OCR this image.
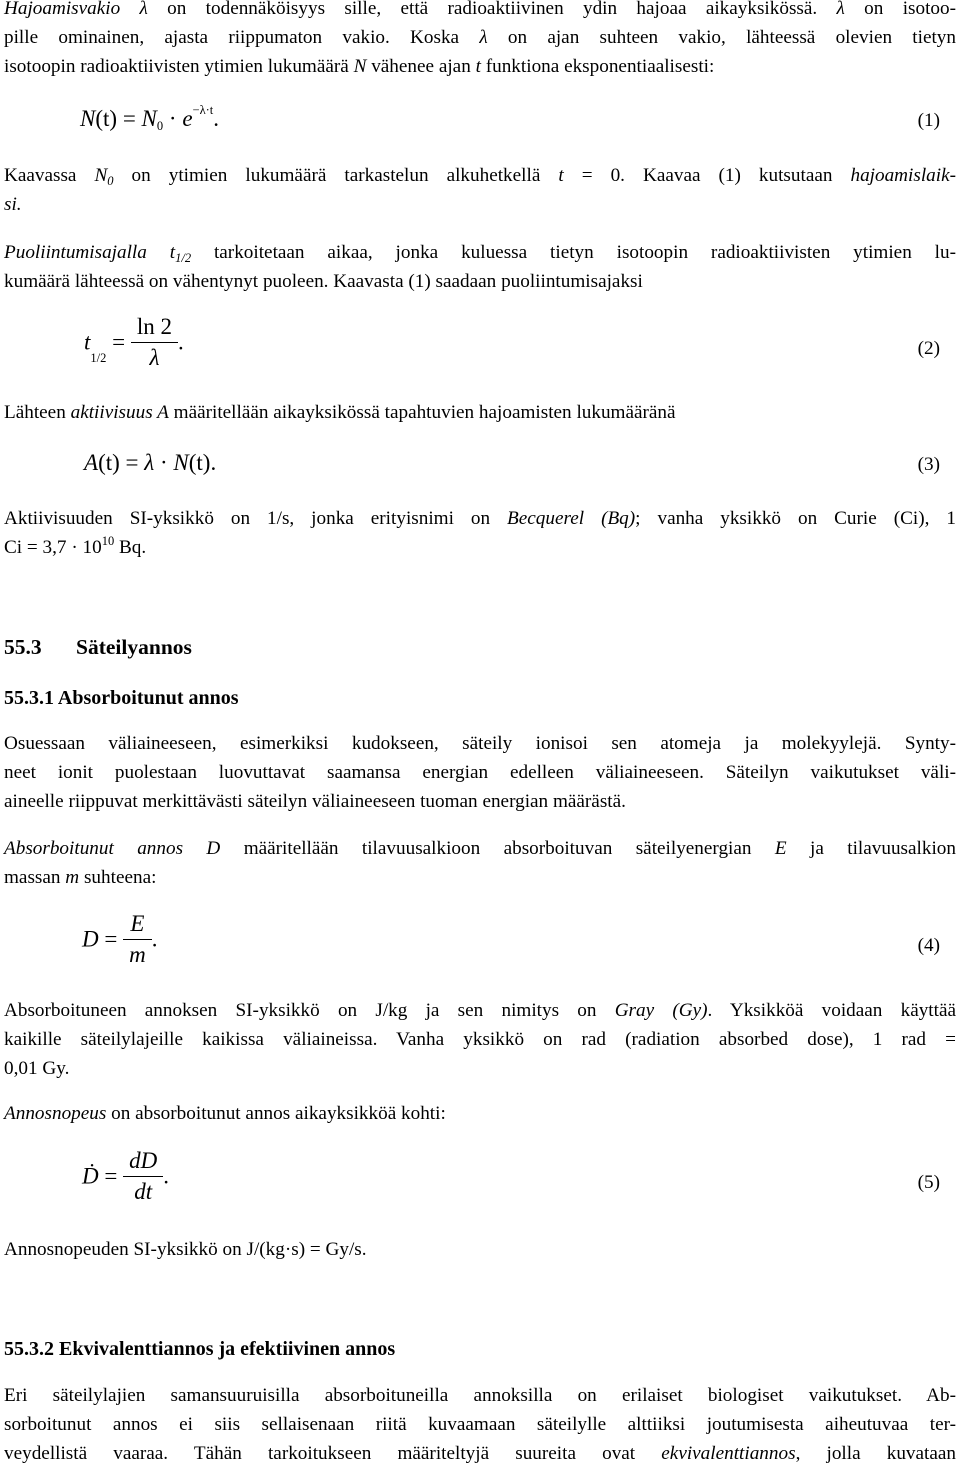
Hajoamisvakio λ on todennäköisyys sille, että radioaktiivinen ydin hajoaa aikayksikössä. λ on isotoo-
pille ominainen, ajasta riippumaton vakio. Koska λ on ajan suhteen vakio, lähteessä olevien tietyn
isotoopin radioaktiivisten ytimien lukumäärä N vähenee ajan t funktiona eksponentiaalisesti:
$N(t) = N_0 \cdot e^{-\lambda\cdot t}$.	(1)
Kaavassa $N_0$ on ytimien lukumäärä tarkastelun alkuhetkellä t = 0. Kaavaa (1) kutsutaan hajoamislaik-
si.
Puoliintumisajalla $t_{1/2}$ tarkoitetaan aikaa, jonka kuluessa tietyn isotoopin radioaktiivisten ytimien lu-
kumäärä lähteessä on vähentynyt puoleen. Kaavasta (1) saadaan puoliintumisajaksi
$t_{1/2} = \frac{\ln 2}{\lambda}$ .	(2)
Lähteen aktiivisuus A määritellään aikayksikössä tapahtuvien hajoamisten lukumääränä
A(t) = λ · N(t).	(3)
Aktiivisuuden SI-yksikkö on 1/s, jonka erityisnimi on Becquerel (Bq); vanha yksikkö on Curie (Ci), 1
$Ci = 3,7 \cdot 10^{10}$ Bq.
55.3 Säteilyannos
55.3.1 Absorboitunut annos
Osuessaan väliaineeseen, esimerkiksi kudokseen, säteily ionisoi sen atomeja ja molekyylejä. Synty-
neet ionit puolestaan luovuttavat saamansa energian edelleen väliaineeseen. Säteilyn vaikutukset väli-
aineelle riippuvat merkittävästi säteilyn väliaineeseen tuoman energian määrästä.
Absorboitunut annos D määritellään tilavuusalkioon absorboituvan säteilyenergian E ja tilavuusalkion
massan m suhteena:
$D = \frac{E}{m}$ .	(4)
Absorboituneen annoksen SI-yksikkö on J/kg ja sen nimitys on Gray (Gy). Yksikköä voidaan käyttää
kaikille säteilylajeille kaikissa väliaineissa. Vanha yksikkö on rad (radiation absorbed dose), 1 rad =
0,01 Gy.
Annosnopeus on absorboitunut annos aikayksikköä kohti:
Ḋ = $\frac{dD}{dt}$ .	(5)
Annosnopeuden SI-yksikkö on J/(kg·s) = Gy/s.
55.3.2 Ekvivalenttiannos ja efektiivinen annos
Eri säteilylajien samansuuruisilla absorboituneilla annoksilla on erilaiset biologiset vaikutukset. Ab-
sorboitunut annos ei siis sellaisenaan riitä kuvaamaan säteilylle alttiiksi joutumisesta aiheutuvaa ter-
veydellistä vaaraa. Tähän tarkoitukseen määriteltyjä suureita ovat ekvivalenttiannos, jolla kuvataan
